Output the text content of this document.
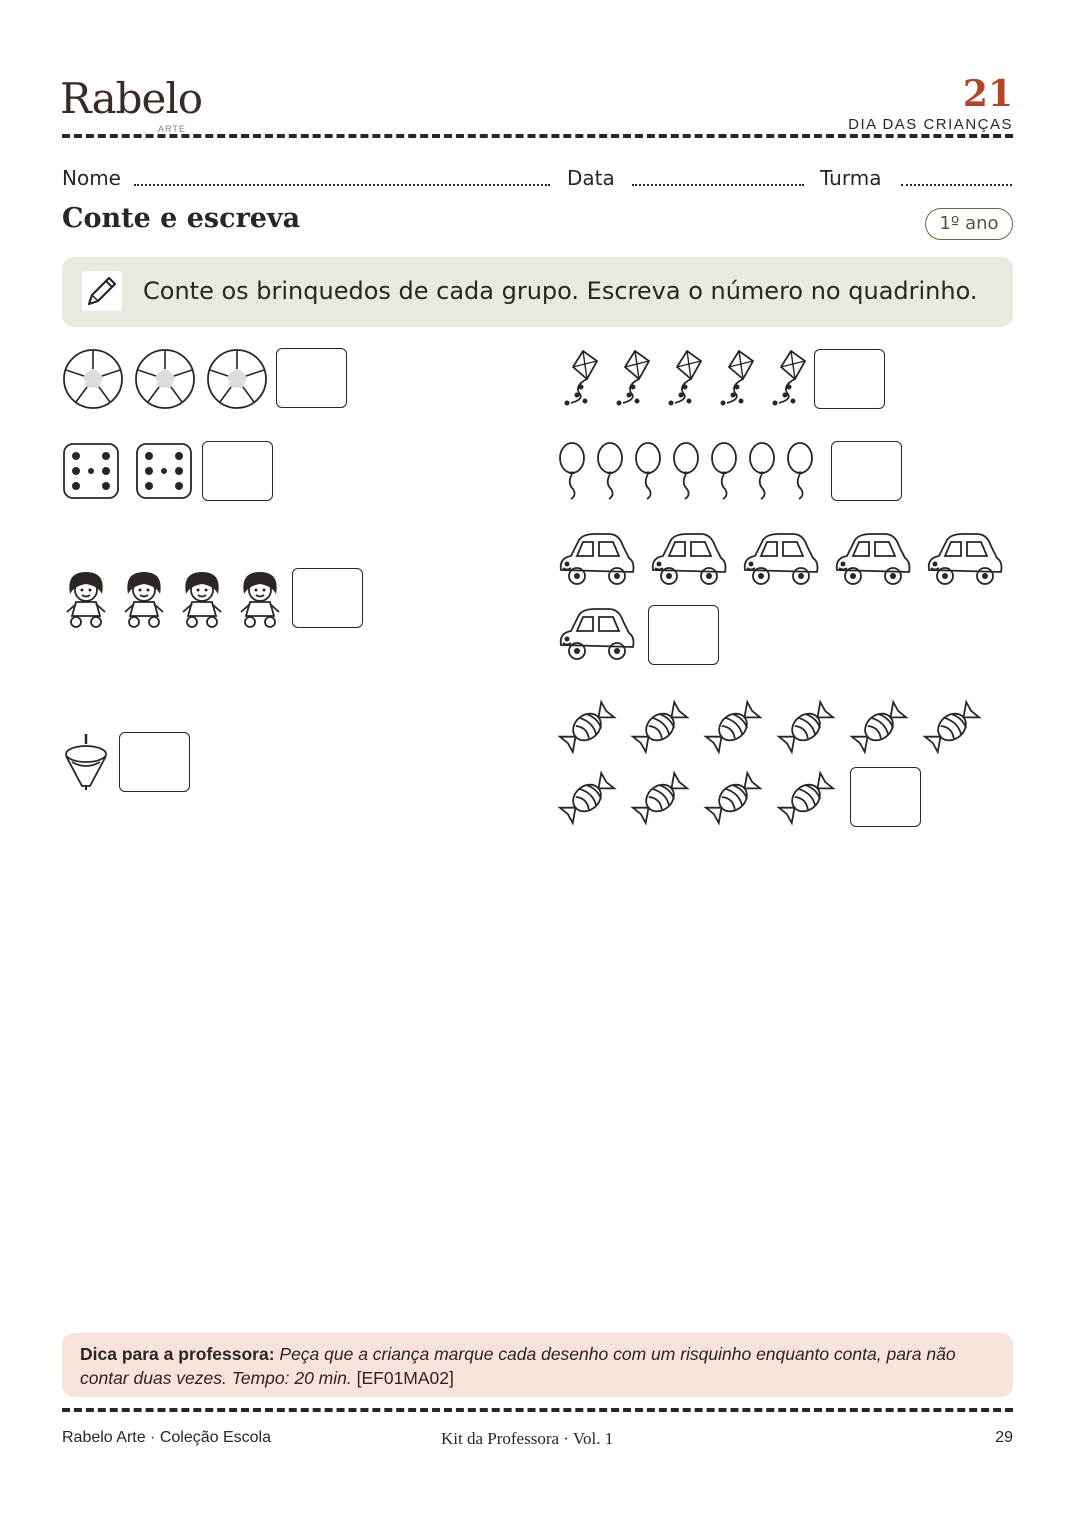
Rabelo
ARTE
21
DIA DAS CRIANÇAS
Nome	Data	Turma
Conte e escreva	1º ano
Conte os brinquedos de cada grupo. Escreva o número no quadrinho.
Dica para a professora: Peça que a criança marque cada desenho com um risquinho enquanto conta, para não contar duas vezes. Tempo: 20 min. [EF01MA02]
Rabelo Arte · Coleção Escola	Kit da Professora · Vol. 1	29
